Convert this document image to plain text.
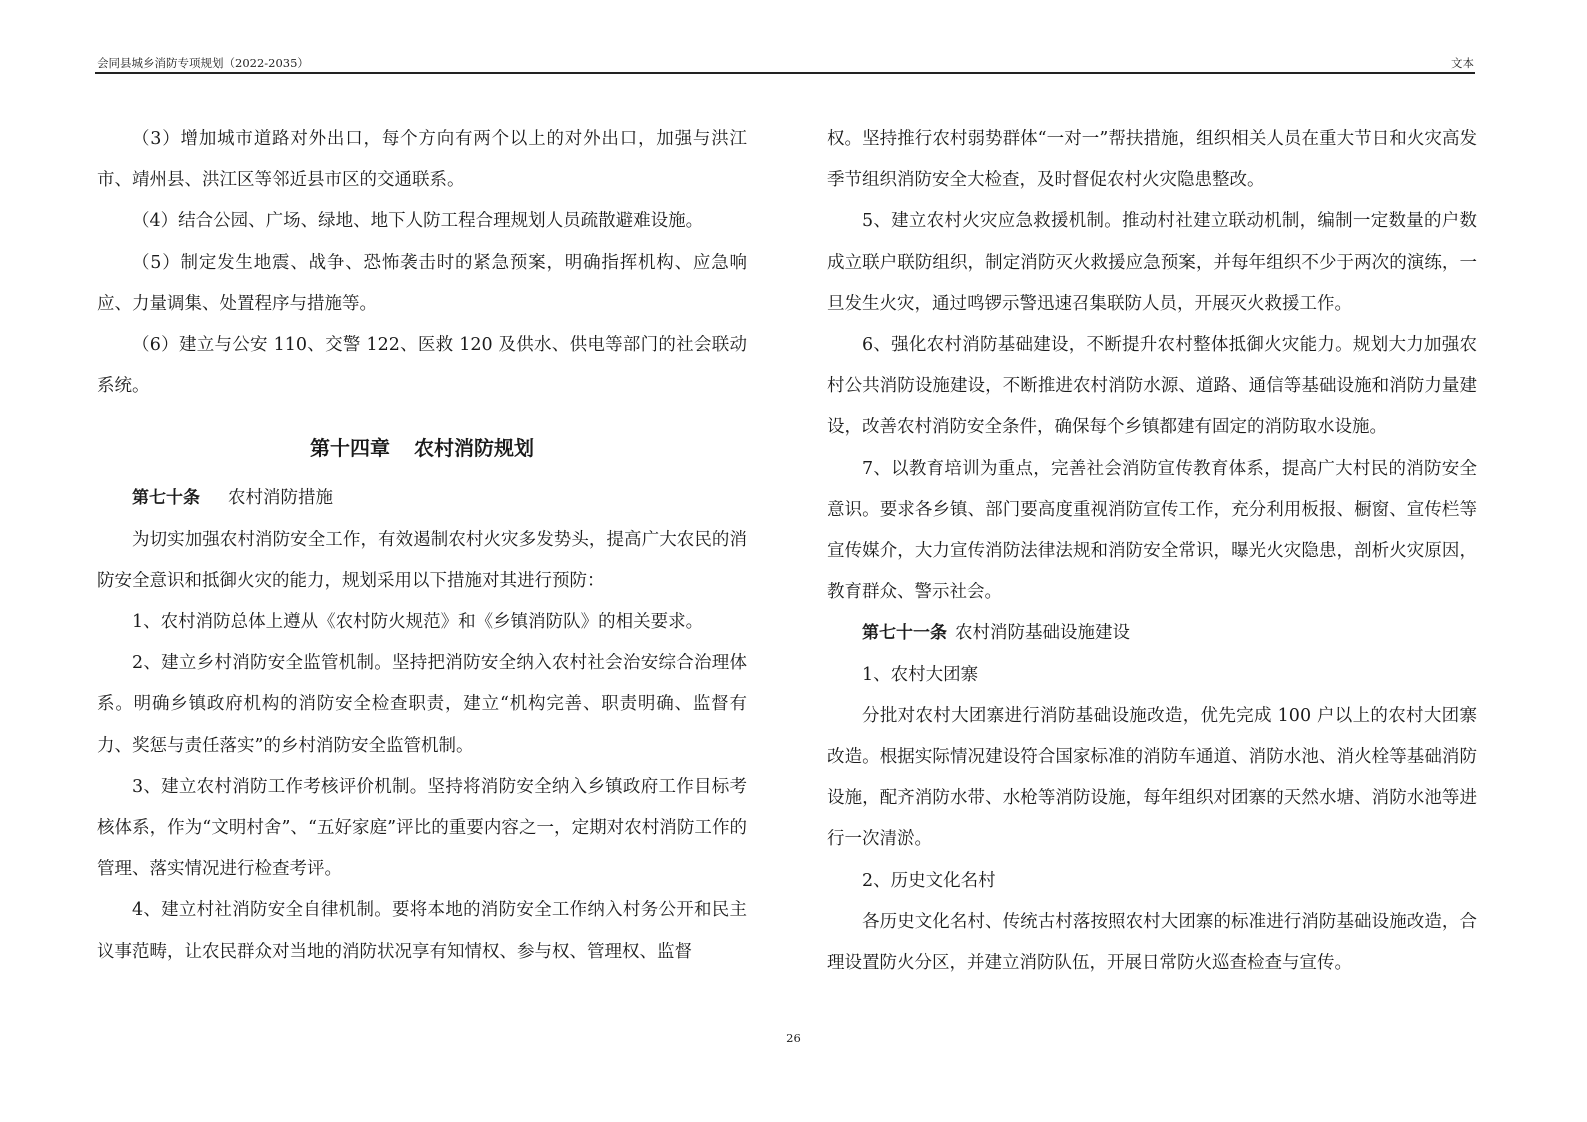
会同县城乡消防专项规划（2022-2035）	文本

（3）增加城市道路对外出口，每个方向有两个以上的对外出口，加强与洪江市、靖州县、洪江区等邻近县市区的交通联系。

（4）结合公园、广场、绿地、地下人防工程合理规划人员疏散避难设施。

（5）制定发生地震、战争、恐怖袭击时的紧急预案，明确指挥机构、应急响应、力量调集、处置程序与措施等。

（6）建立与公安 110、交警 122、医救 120 及供水、供电等部门的社会联动系统。

第十四章 农村消防规划

第七十条 农村消防措施

为切实加强农村消防安全工作，有效遏制农村火灾多发势头，提高广大农民的消防安全意识和抵御火灾的能力，规划采用以下措施对其进行预防：

1、农村消防总体上遵从《农村防火规范》和《乡镇消防队》的相关要求。

2、建立乡村消防安全监管机制。坚持把消防安全纳入农村社会治安综合治理体系。明确乡镇政府机构的消防安全检查职责，建立“机构完善、职责明确、监督有力、奖惩与责任落实”的乡村消防安全监管机制。

3、建立农村消防工作考核评价机制。坚持将消防安全纳入乡镇政府工作目标考核体系，作为“文明村舍”、“五好家庭”评比的重要内容之一，定期对农村消防工作的管理、落实情况进行检查考评。

4、建立村社消防安全自律机制。要将本地的消防安全工作纳入村务公开和民主议事范畴，让农民群众对当地的消防状况享有知情权、参与权、管理权、监督

权。坚持推行农村弱势群体“一对一”帮扶措施，组织相关人员在重大节日和火灾高发季节组织消防安全大检查，及时督促农村火灾隐患整改。

5、建立农村火灾应急救援机制。推动村社建立联动机制，编制一定数量的户数成立联户联防组织，制定消防灭火救援应急预案，并每年组织不少于两次的演练，一旦发生火灾，通过鸣锣示警迅速召集联防人员，开展灭火救援工作。

6、强化农村消防基础建设，不断提升农村整体抵御火灾能力。规划大力加强农村公共消防设施建设，不断推进农村消防水源、道路、通信等基础设施和消防力量建设，改善农村消防安全条件，确保每个乡镇都建有固定的消防取水设施。

7、以教育培训为重点，完善社会消防宣传教育体系，提高广大村民的消防安全意识。要求各乡镇、部门要高度重视消防宣传工作，充分利用板报、橱窗、宣传栏等宣传媒介，大力宣传消防法律法规和消防安全常识，曝光火灾隐患，剖析火灾原因，教育群众、警示社会。

第七十一条 农村消防基础设施建设

1、农村大团寨

分批对农村大团寨进行消防基础设施改造，优先完成 100 户以上的农村大团寨改造。根据实际情况建设符合国家标准的消防车通道、消防水池、消火栓等基础消防设施，配齐消防水带、水枪等消防设施，每年组织对团寨的天然水塘、消防水池等进行一次清淤。

2、历史文化名村

各历史文化名村、传统古村落按照农村大团寨的标准进行消防基础设施改造，合理设置防火分区，并建立消防队伍，开展日常防火巡查检查与宣传。

26
